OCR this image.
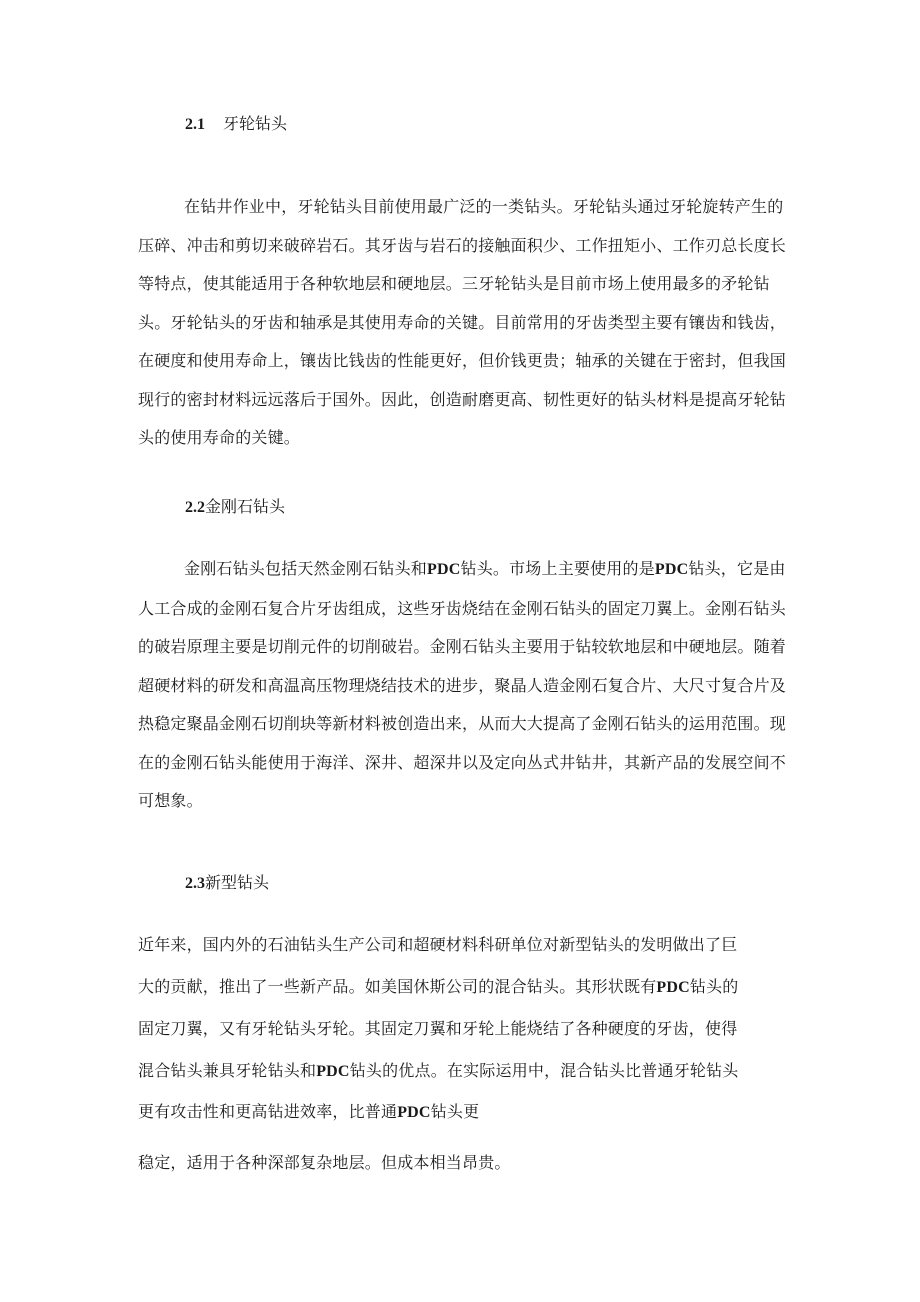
2.1 牙轮钻头
在钻井作业中，牙轮钻头目前使用最广泛的一类钻头。牙轮钻头通过牙轮旋转产生的压碎、冲击和剪切来破碎岩石。其牙齿与岩石的接触面积少、工作扭矩小、工作刃总长度长等特点，使其能适用于各种软地层和硬地层。三牙轮钻头是目前市场上使用最多的矛轮钻头。牙轮钻头的牙齿和轴承是其使用寿命的关键。目前常用的牙齿类型主要有镶齿和钱齿，在硬度和使用寿命上，镶齿比钱齿的性能更好，但价钱更贵；轴承的关键在于密封，但我国现行的密封材料远远落后于国外。因此，创造耐磨更高、韧性更好的钻头材料是提高牙轮钻头的使用寿命的关键。
2.2金刚石钻头
金刚石钻头包括天然金刚石钻头和PDC钻头。市场上主要使用的是PDC钻头，它是由人工合成的金刚石复合片牙齿组成，这些牙齿烧结在金刚石钻头的固定刀翼上。金刚石钻头的破岩原理主要是切削元件的切削破岩。金刚石钻头主要用于钻较软地层和中硬地层。随着超硬材料的研发和高温高压物理烧结技术的进步，聚晶人造金刚石复合片、大尺寸复合片及热稳定聚晶金刚石切削块等新材料被创造出来，从而大大提高了金刚石钻头的运用范围。现在的金刚石钻头能使用于海洋、深井、超深井以及定向丛式井钻井，其新产品的发展空间不可想象。
2.3新型钻头
近年来，国内外的石油钻头生产公司和超硬材料科研单位对新型钻头的发明做出了巨
大的贡献，推出了一些新产品。如美国休斯公司的混合钻头。其形状既有PDC钻头的
固定刀翼，又有牙轮钻头牙轮。其固定刀翼和牙轮上能烧结了各种硬度的牙齿，使得
混合钻头兼具牙轮钻头和PDC钻头的优点。在实际运用中，混合钻头比普通牙轮钻头
更有攻击性和更高钻进效率，比普通PDC钻头更
稳定，适用于各种深部复杂地层。但成本相当昂贵。
